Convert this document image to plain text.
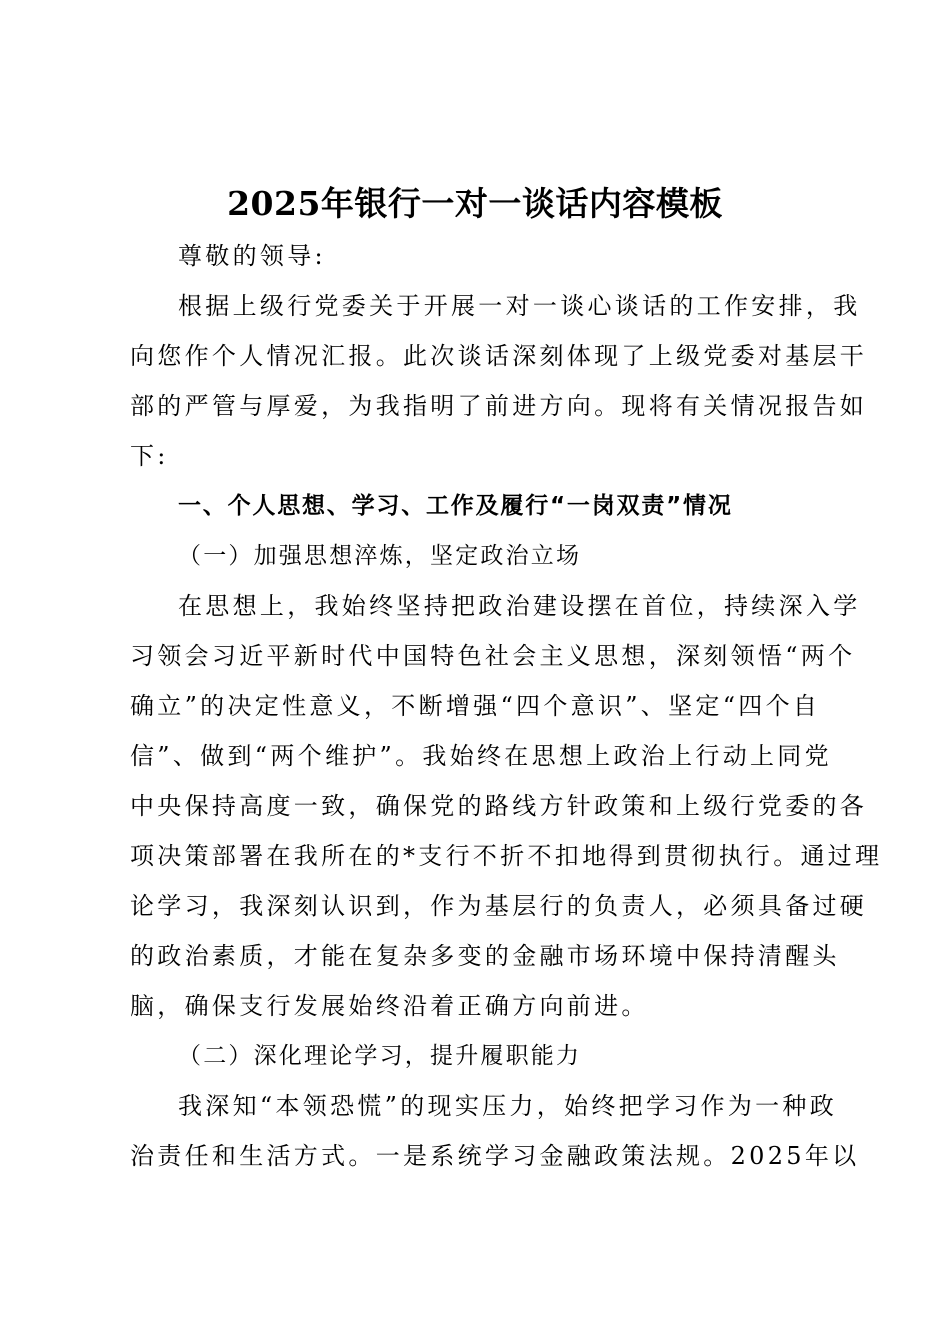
2025年银行一对一谈话内容模板
尊敬的领导:
根据上级行党委关于开展一对一谈心谈话的工作安排，我
向您作个人情况汇报。此次谈话深刻体现了上级党委对基层干
部的严管与厚爱，为我指明了前进方向。现将有关情况报告如
下:
一、个人思想、学习、工作及履行“一岗双责”情况
（一）加强思想淬炼，坚定政治立场
在思想上，我始终坚持把政治建设摆在首位，持续深入学
习领会习近平新时代中国特色社会主义思想，深刻领悟“两个
确立”的决定性意义，不断增强“四个意识”、坚定“四个自
信”、做到“两个维护”。我始终在思想上政治上行动上同党
中央保持高度一致，确保党的路线方针政策和上级行党委的各
项决策部署在我所在的*支行不折不扣地得到贯彻执行。通过理
论学习，我深刻认识到，作为基层行的负责人，必须具备过硬
的政治素质，才能在复杂多变的金融市场环境中保持清醒头
脑，确保支行发展始终沿着正确方向前进。
（二）深化理论学习，提升履职能力
我深知“本领恐慌”的现实压力，始终把学习作为一种政
治责任和生活方式。一是系统学习金融政策法规。2025年以
